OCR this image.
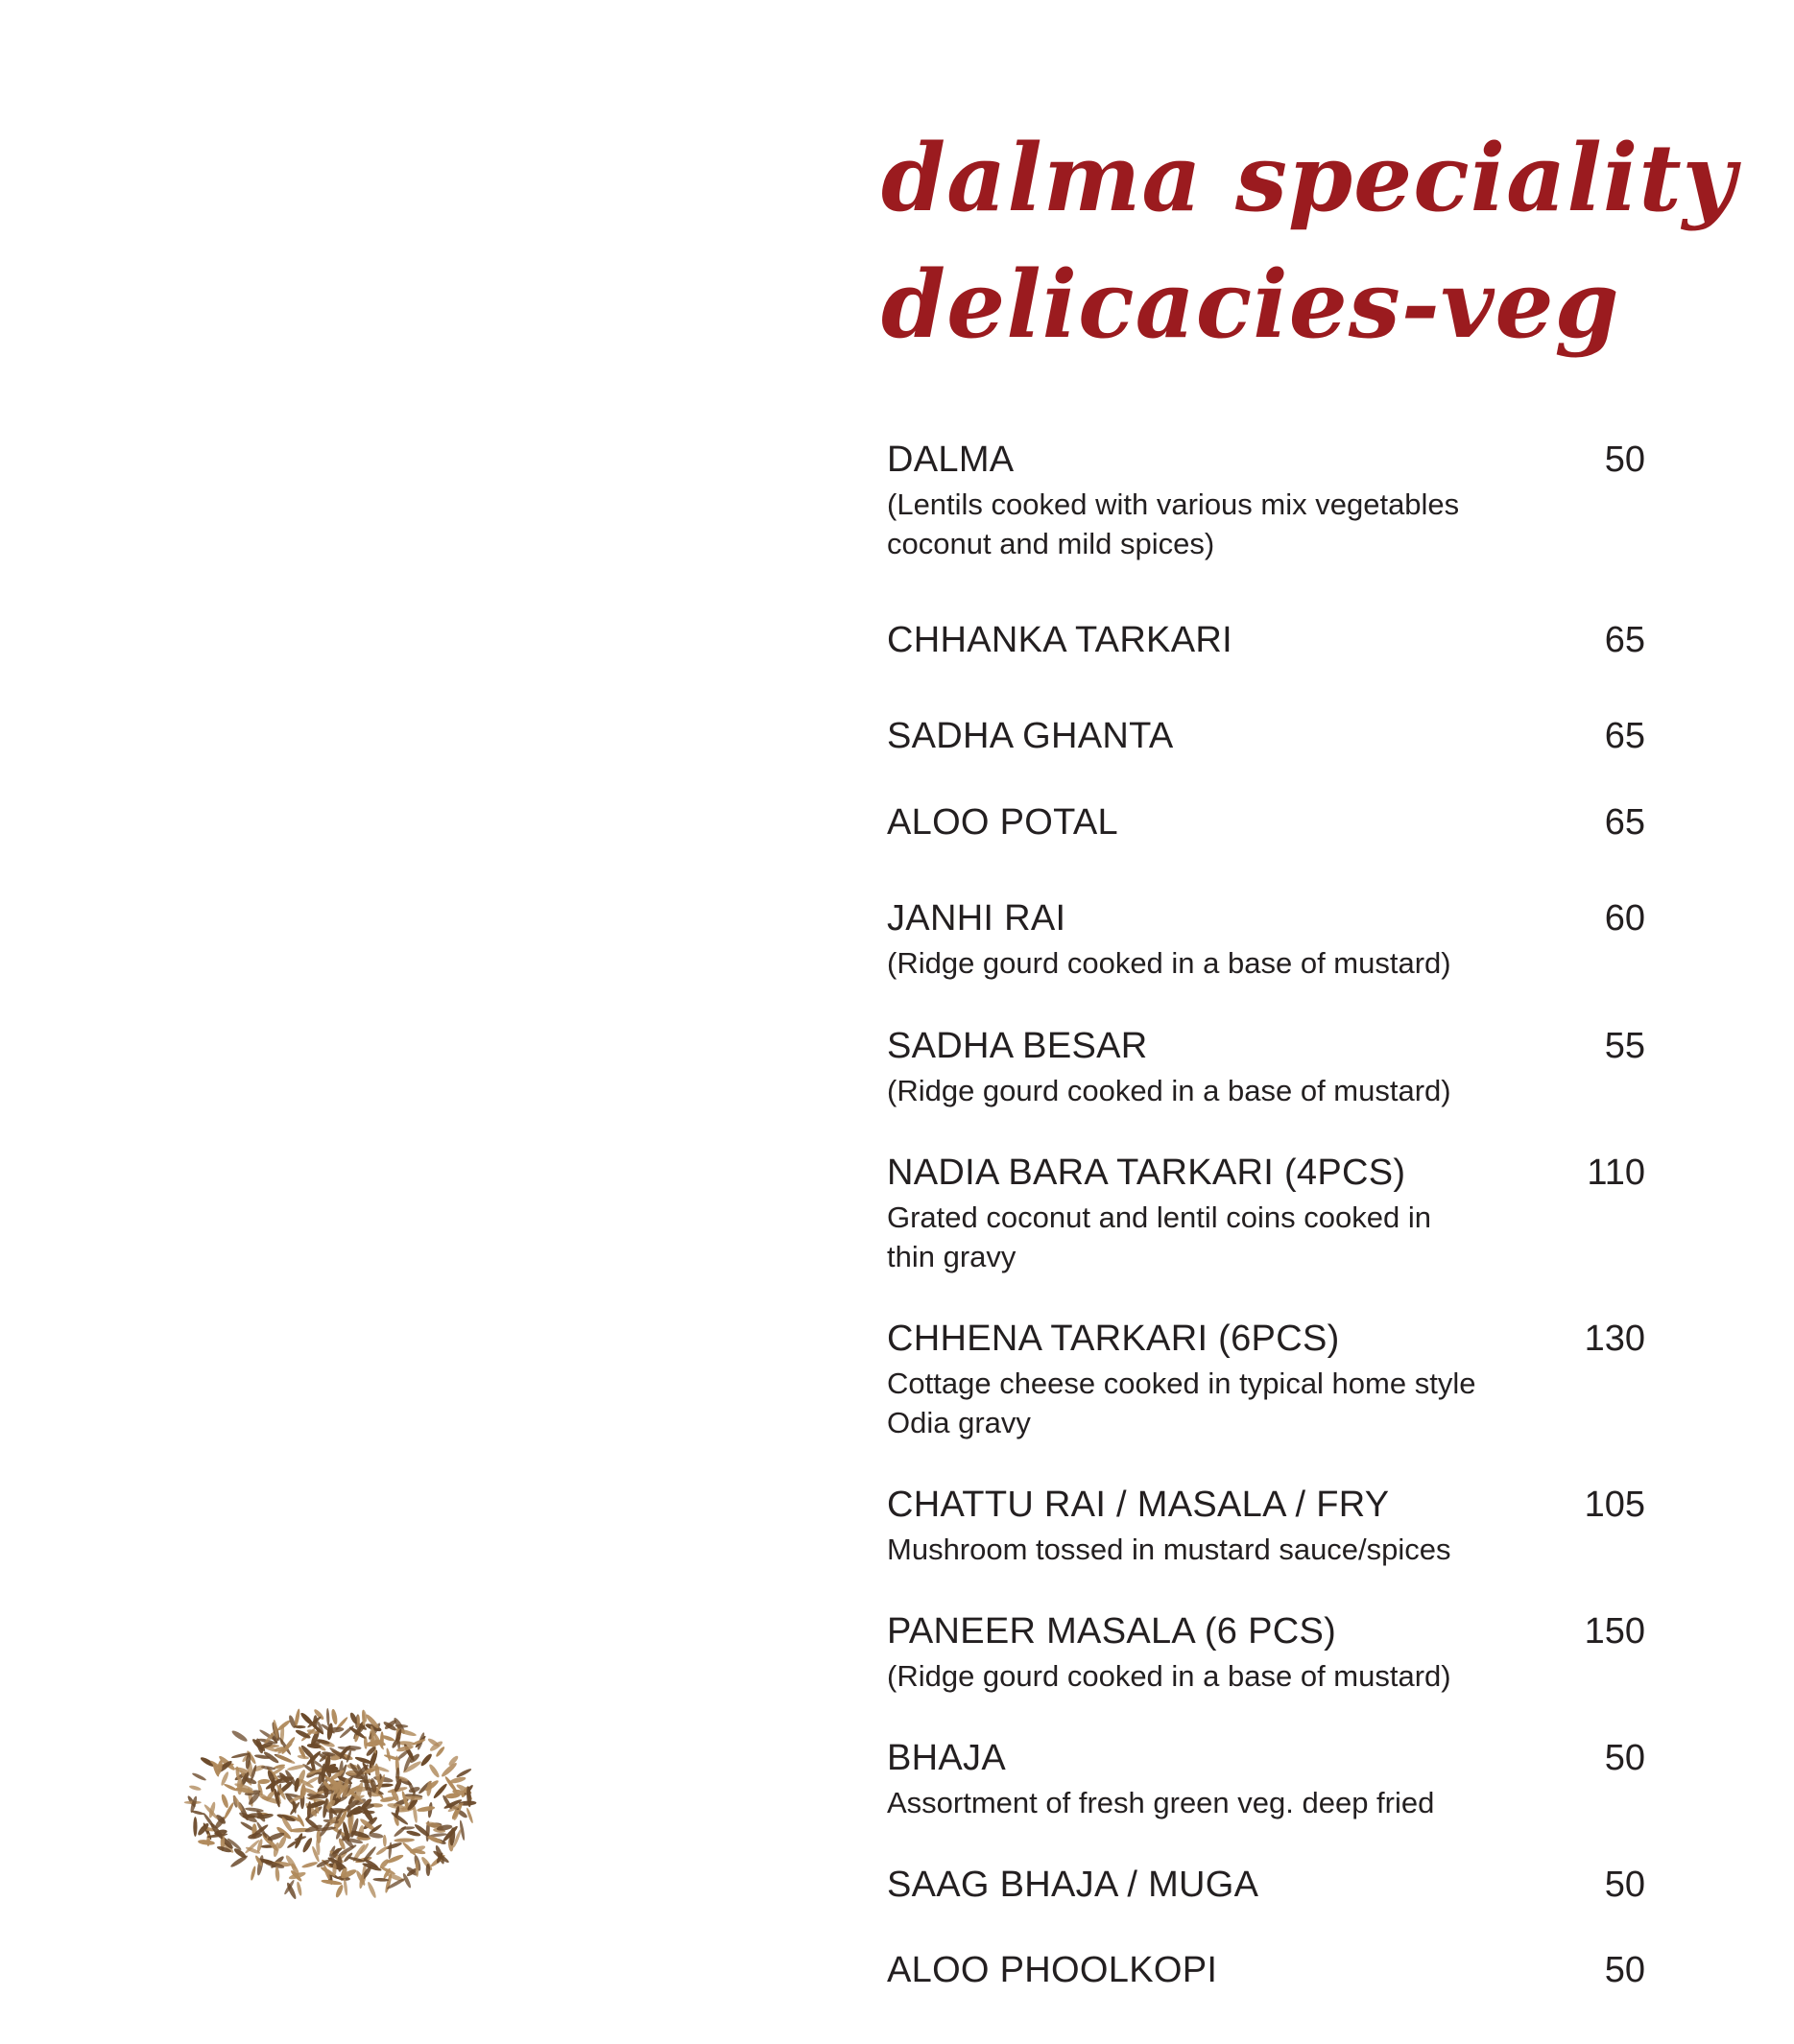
dalma speciality
delicacies-veg
DALMA	50
(Lentils cooked with various mix vegetables coconut and mild spices)
CHHANKA TARKARI	65
SADHA GHANTA	65
ALOO POTAL	65
JANHI RAI	60
(Ridge gourd cooked in a base of mustard)
SADHA BESAR	55
(Ridge gourd cooked in a base of mustard)
NADIA BARA TARKARI (4PCS)	110
Grated coconut and lentil coins cooked in thin gravy
CHHENA TARKARI (6PCS)	130
Cottage cheese cooked in typical home style Odia gravy
CHATTU RAI / MASALA / FRY	105
Mushroom tossed in mustard sauce/spices
PANEER MASALA (6 PCS)	150
(Ridge gourd cooked in a base of mustard)
BHAJA	50
Assortment of fresh green veg. deep fried
SAAG BHAJA / MUGA	50
ALOO PHOOLKOPI	50
